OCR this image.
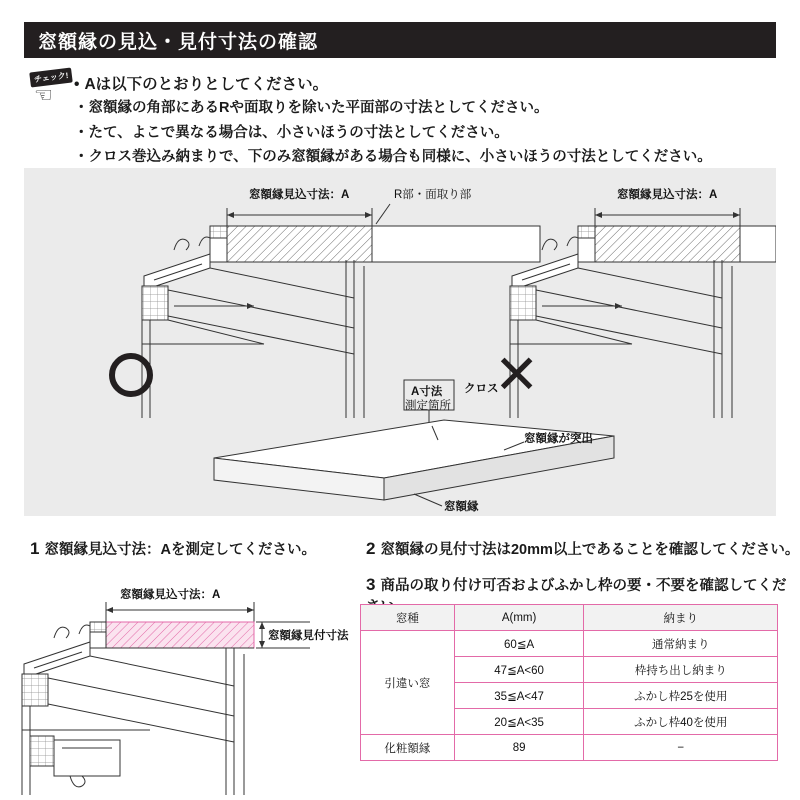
窓額縁の見込・見付寸法の確認
チェック!
☞	• Aは以下のとおりとしてください。

・ 窓額縁の角部にあるRや面取りを除いた平面部の寸法としてください。
・ たて、よこで異なる場合は、小さいほうの寸法としてください。
・ クロス巻込み納まりで、下のみ窓額縁がある場合も同様に、小さいほうの寸法としてください。
✕
窓額縁見込寸法：A	R部・面取り部	窓額縁見込寸法：A
A寸法
測定箇所
クロス
窓額縁が突出
窓額縁
1 窓額縁見込寸法：Aを測定してください。	2 窓額縁の見付寸法は20mm以上であることを確認してください。
3 商品の取り付け可否およびふかし枠の要・不要を確認してくだ
窓額縁見込寸法：A
窓額縁見付寸法
窓種	A(mm)	納まり
引違い窓	60≦A	通常納まり
	47≦A<60	枠持ち出し納まり
	35≦A<47	ふかし枠25を使用
	20≦A<35	ふかし枠40を使用
化粧額縁	89	−
